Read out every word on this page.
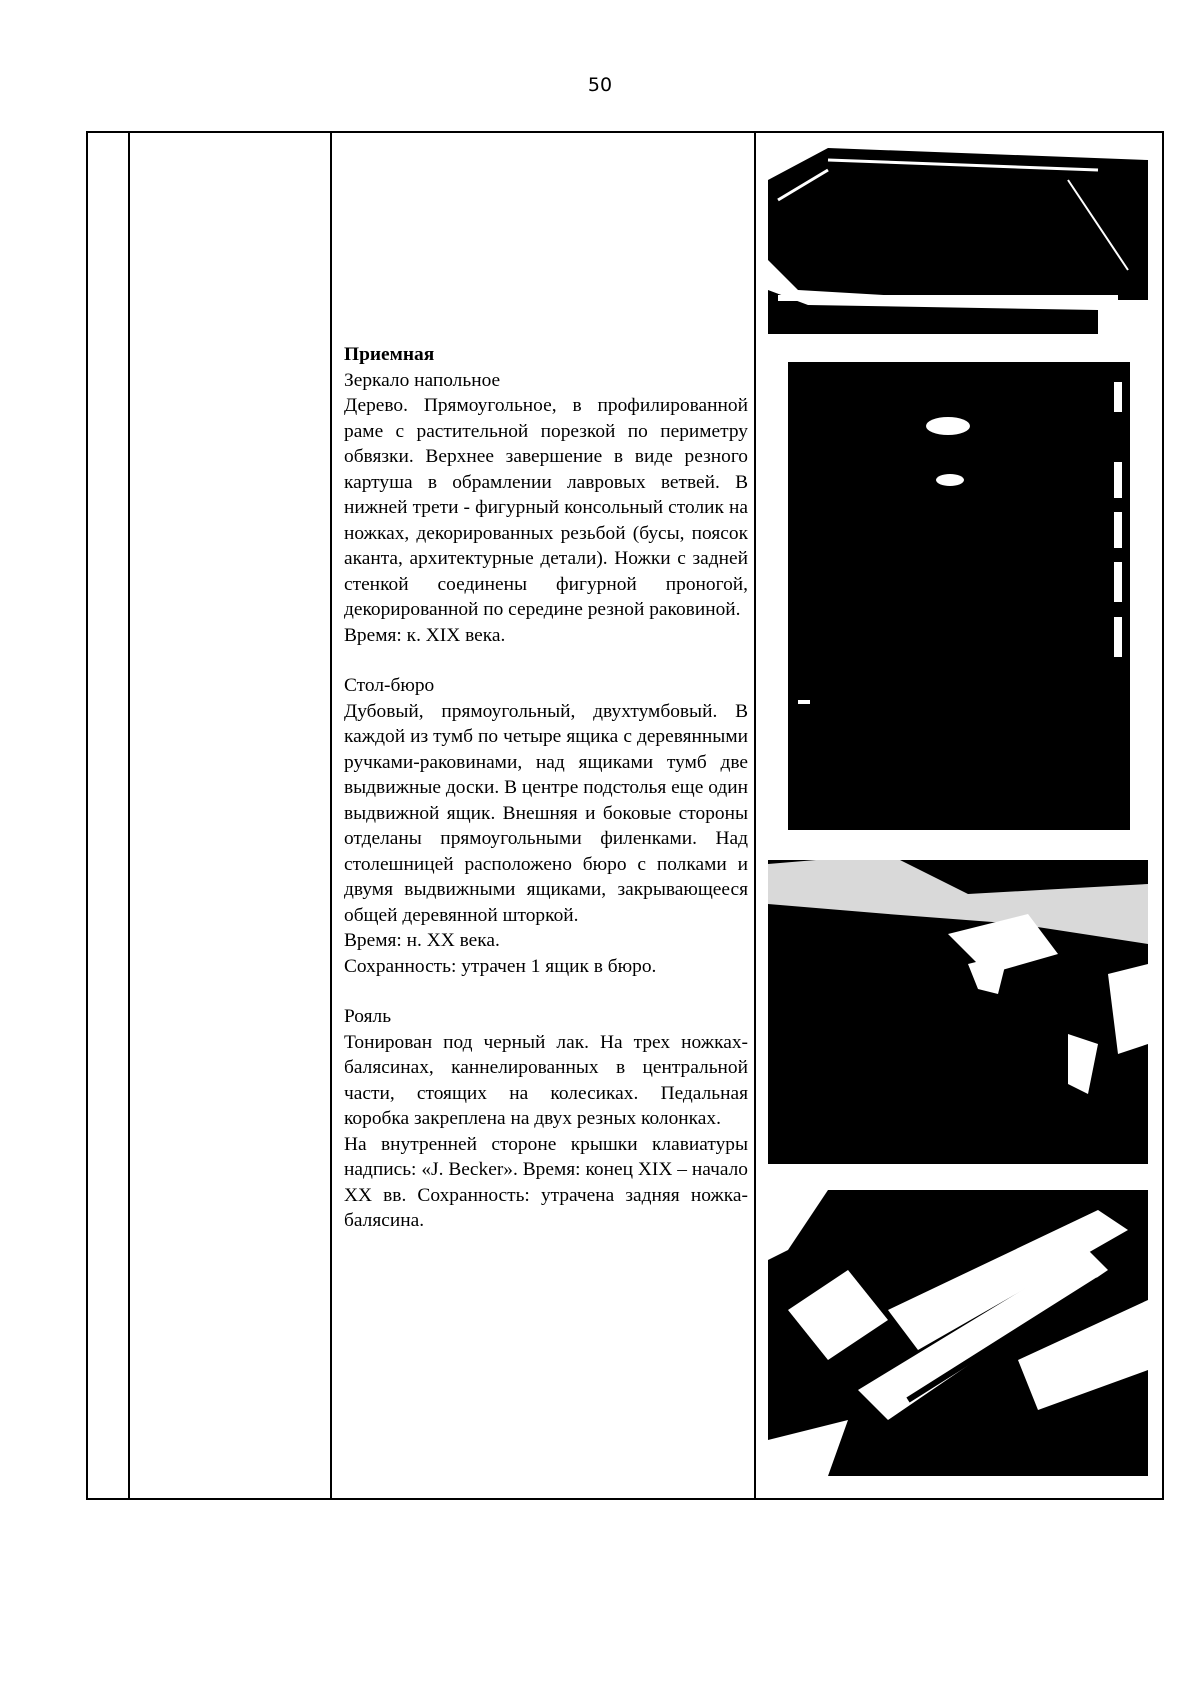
50

Приемная

Зеркало напольное

Дерево. Прямоугольное, в профилированной раме с растительной порезкой по периметру обвязки. Верхнее завершение в виде резного картуша в обрамлении лавровых ветвей. В нижней трети - фигурный консольный столик на ножках, декорированных резьбой (бусы, поясок аканта, архитектурные детали). Ножки с задней стенкой соединены фигурной проногой, декорированной по середине резной раковиной.

Время: к. XIX века.

Стол-бюро

Дубовый, прямоугольный, двухтумбовый. В каждой из тумб по четыре ящика с деревянными ручками-раковинами, над ящиками тумб две выдвижные доски. В центре подстолья еще один выдвижной ящик. Внешняя и боковые стороны отделаны прямоугольными филенками. Над столешницей расположено бюро с полками и двумя выдвижными ящиками, закрывающееся общей деревянной шторкой.

Время: н. XX века.

Сохранность: утрачен 1 ящик в бюро.

Рояль

Тонирован под черный лак. На трех ножках-балясинах, каннелированных в центральной части, стоящих на колесиках. Педальная коробка закреплена на двух резных колонках.

На внутренней стороне крышки клавиатуры надпись: «J. Becker». Время: конец XIX – начало XX вв. Сохранность: утрачена задняя ножка-балясина.
